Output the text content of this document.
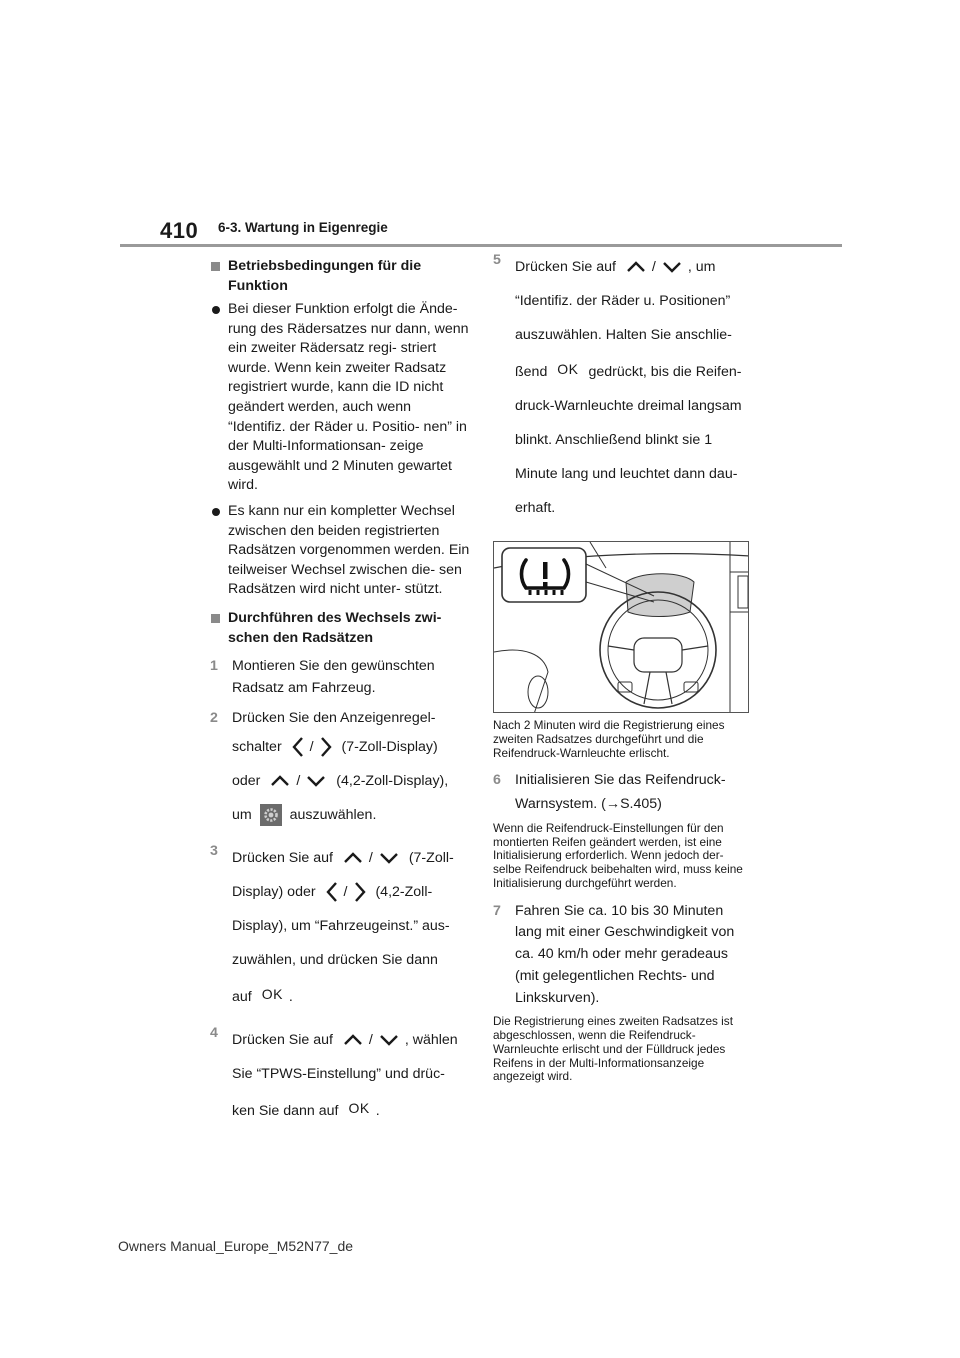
410 6-3. Wartung in Eigenregie
Betriebsbedingungen für die Funktion
Bei dieser Funktion erfolgt die Ände- rung des Rädersatzes nur dann, wenn ein zweiter Rädersatz regi- striert wurde. Wenn kein zweiter Radsatz registriert wurde, kann die ID nicht geändert werden, auch wenn “Identifiz. der Räder u. Positio- nen” in der Multi-Informationsan- zeige ausgewählt und 2 Minuten gewartet wird.
Es kann nur ein kompletter Wechsel zwischen den beiden registrierten Radsätzen vorgenommen werden. Ein teilweiser Wechsel zwischen die- sen Radsätzen wird nicht unter- stützt.
Durchführen des Wechsels zwi- schen den Radsätzen
1 Montieren Sie den gewünschten
Radsatz am Fahrzeug.
2 Drücken Sie den Anzeigenregel-
schalter / (7-Zoll-Display)
oder	/	(4,2-Zoll-Display),
um	auszuwählen.
3 Drücken Sie auf	/	(7-Zoll-
Display) oder / (4,2-Zoll-
Display), um “Fahrzeugeinst.” aus-
zuwählen, und drücken Sie dann
auf OK .
4 Drücken Sie auf	/ , wählen
Sie “TPWS-Einstellung” und drüc-
ken Sie dann auf OK .
5 Drücken Sie auf	/ , um
“Identifiz. der Räder u. Positionen”
auszuwählen. Halten Sie anschlie-
ßend OK gedrückt, bis die Reifen-
druck-Warnleuchte dreimal langsam
blinkt. Anschließend blinkt sie 1
Minute lang und leuchtet dann dau-
erhaft.
Nach 2 Minuten wird die Registrierung eines zweiten Radsatzes durchgeführt und die Reifendruck-Warnleuchte erlischt.
6 Initialisieren Sie das Reifendruck-
Warnsystem. (→S.405)
Wenn die Reifendruck-Einstellungen für den montierten Reifen geändert werden, ist eine Initialisierung erforderlich. Wenn jedoch der- selbe Reifendruck beibehalten wird, muss keine Initialisierung durchgeführt werden.
7 Fahren Sie ca. 10 bis 30 Minuten
lang mit einer Geschwindigkeit von
ca. 40 km/h oder mehr geradeaus
(mit gelegentlichen Rechts- und
Linkskurven).
Die Registrierung eines zweiten Radsatzes ist abgeschlossen, wenn die Reifendruck- Warnleuchte erlischt und der Fülldruck jedes Reifens in der Multi-Informationsanzeige angezeigt wird.
Owners Manual_Europe_M52N77_de
